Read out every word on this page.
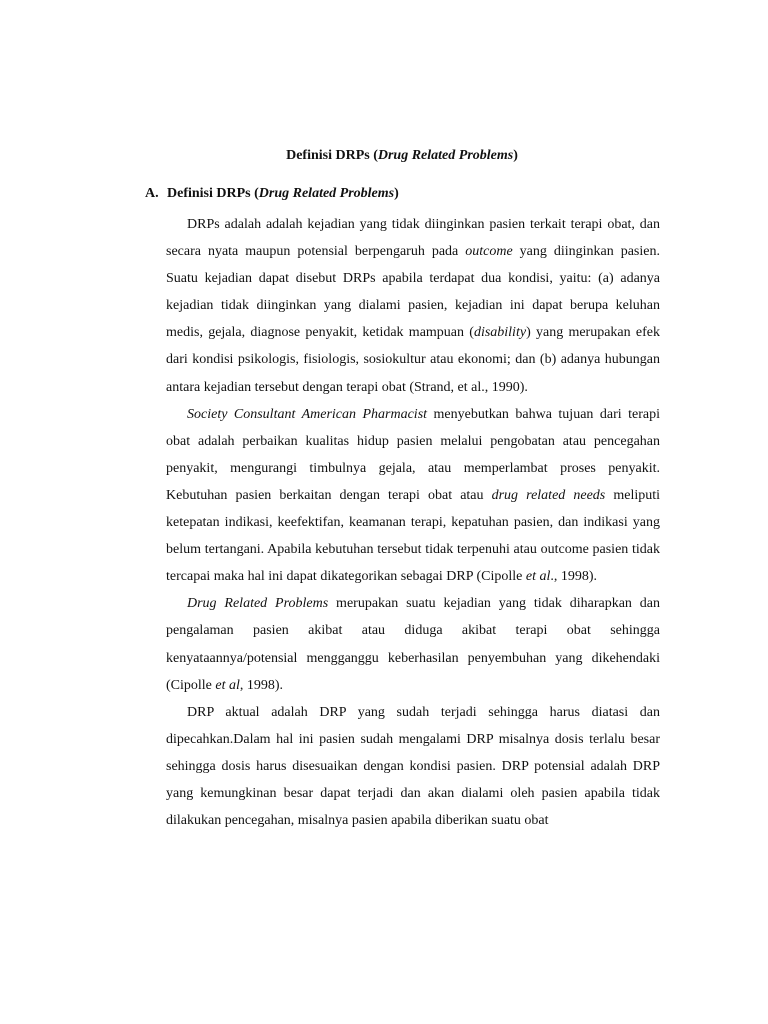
Definisi DRPs (Drug Related Problems)
A. Definisi DRPs (Drug Related Problems)

DRPs adalah adalah kejadian yang tidak diinginkan pasien terkait terapi obat, dan secara nyata maupun potensial berpengaruh pada outcome yang diinginkan pasien. Suatu kejadian dapat disebut DRPs apabila terdapat dua kondisi, yaitu: (a) adanya kejadian tidak diinginkan yang dialami pasien, kejadian ini dapat berupa keluhan medis, gejala, diagnose penyakit, ketidak mampuan (disability) yang merupakan efek dari kondisi psikologis, fisiologis, sosiokultur atau ekonomi; dan (b) adanya hubungan antara kejadian tersebut dengan terapi obat (Strand, et al., 1990).

Society Consultant American Pharmacist menyebutkan bahwa tujuan dari terapi obat adalah perbaikan kualitas hidup pasien melalui pengobatan atau pencegahan penyakit, mengurangi timbulnya gejala, atau memperlambat proses penyakit. Kebutuhan pasien berkaitan dengan terapi obat atau drug related needs meliputi ketepatan indikasi, keefektifan, keamanan terapi, kepatuhan pasien, dan indikasi yang belum tertangani. Apabila kebutuhan tersebut tidak terpenuhi atau outcome pasien tidak tercapai maka hal ini dapat dikategorikan sebagai DRP (Cipolle et al., 1998).

Drug Related Problems merupakan suatu kejadian yang tidak diharapkan dan pengalaman pasien akibat atau diduga akibat terapi obat sehingga kenyataannya/potensial mengganggu keberhasilan penyembuhan yang dikehendaki (Cipolle et al, 1998).

DRP aktual adalah DRP yang sudah terjadi sehingga harus diatasi dan dipecahkan.Dalam hal ini pasien sudah mengalami DRP misalnya dosis terlalu besar sehingga dosis harus disesuaikan dengan kondisi pasien. DRP potensial adalah DRP yang kemungkinan besar dapat terjadi dan akan dialami oleh pasien apabila tidak dilakukan pencegahan, misalnya pasien apabila diberikan suatu obat
